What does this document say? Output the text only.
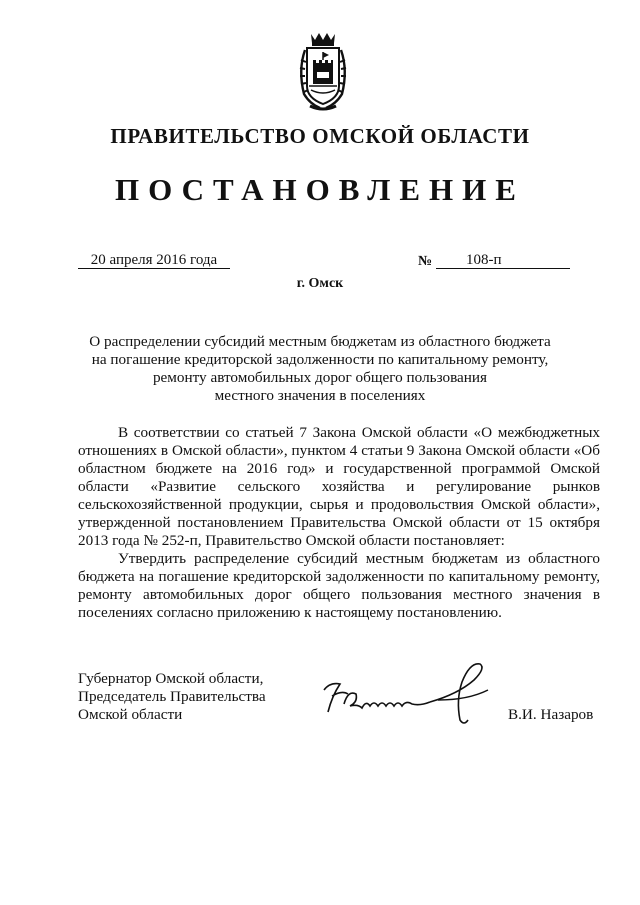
ПРАВИТЕЛЬСТВО ОМСКОЙ ОБЛАСТИ
ПОСТАНОВЛЕНИЕ
20 апреля 2016 года	№	108-п
г. Омск
О распределении субсидий местным бюджетам из областного бюджета
на погашение кредиторской задолженности по капитальному ремонту,
ремонту автомобильных дорог общего пользования
местного значения в поселениях

В соответствии со статьей 7 Закона Омской области «О межбюджетных отношениях в Омской области», пунктом 4 статьи 9 Закона Омской области «Об областном бюджете на 2016 год» и государственной программой Омской области «Развитие сельского хозяйства и регулирование рынков сельскохозяйственной продукции, сырья и продовольствия Омской области», утвержденной постановлением Правительства Омской области от 15 октября 2013 года № 252-п, Правительство Омской области постановляет:

Утвердить распределение субсидий местным бюджетам из областного бюджета на погашение кредиторской задолженности по капитальному ремонту, ремонту автомобильных дорог общего пользования местного значения в поселениях согласно приложению к настоящему постановлению.

Губернатор Омской области,
Председатель Правительства
Омской области	В.И. Назаров
